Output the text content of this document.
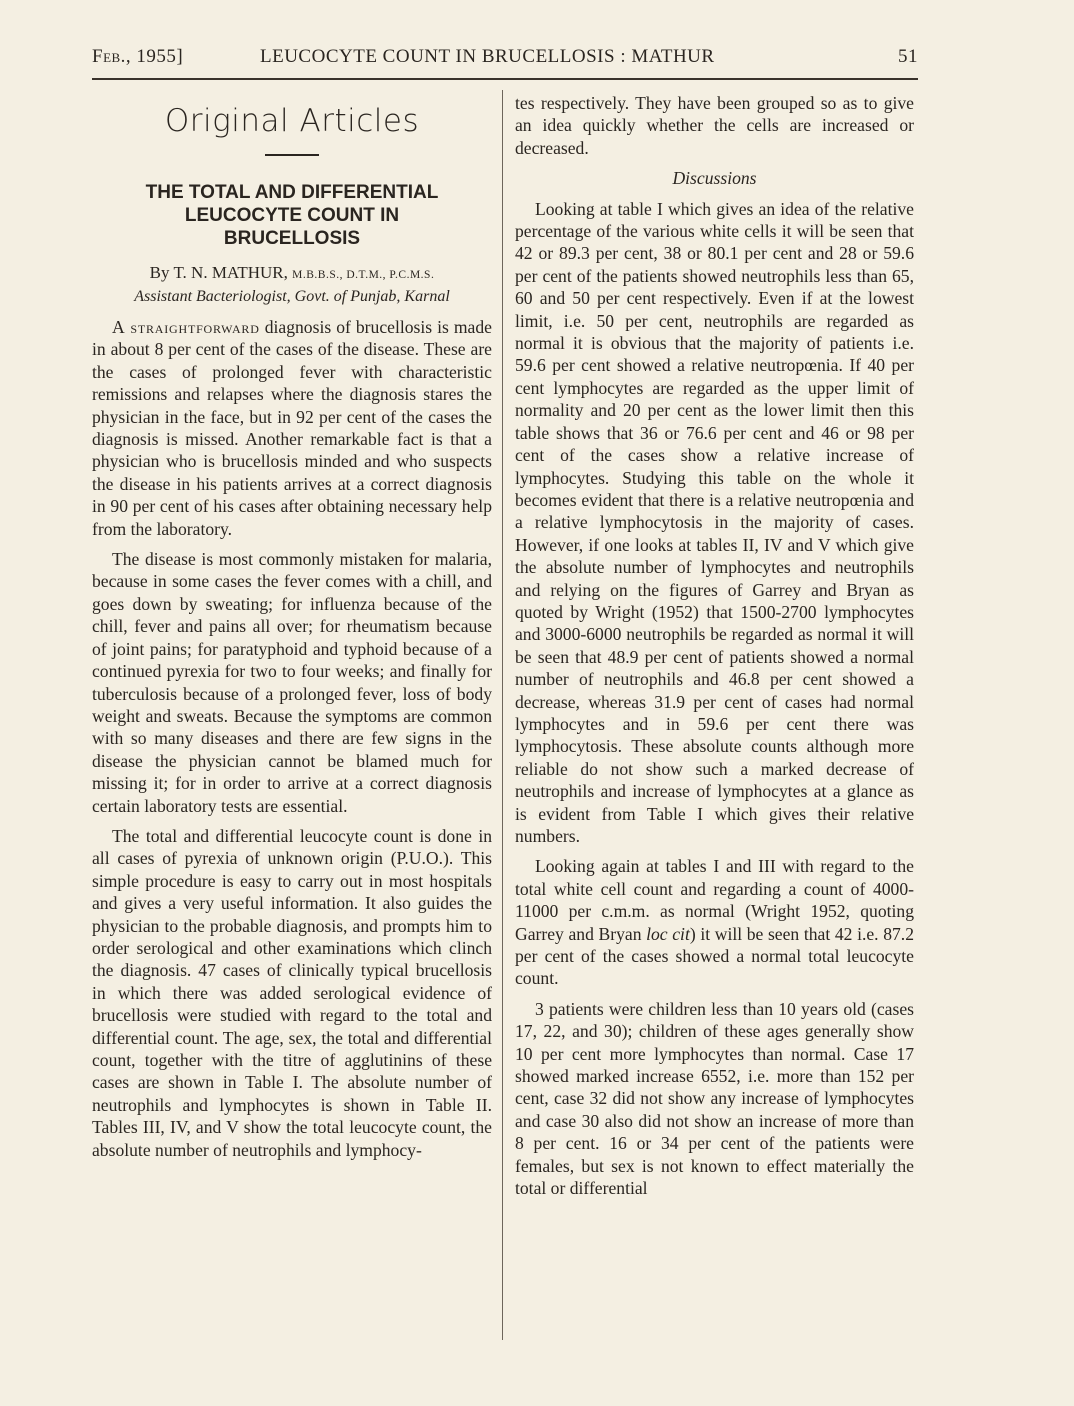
Feb., 1955]	LEUCOCYTE COUNT IN BRUCELLOSIS : MATHUR	51
Original Articles
THE TOTAL AND DIFFERENTIAL
LEUCOCYTE COUNT IN
BRUCELLOSIS
By T. N. MATHUR, M.B.B.S., D.T.M., P.C.M.S.
Assistant Bacteriologist, Govt. of Punjab, Karnal

A straightforward diagnosis of brucellosis is made in about 8 per cent of the cases of the disease. These are the cases of prolonged fever with characteristic remissions and relapses where the diagnosis stares the physician in the face, but in 92 per cent of the cases the diagnosis is missed. Another remarkable fact is that a physician who is brucellosis minded and who suspects the disease in his patients arrives at a correct diagnosis in 90 per cent of his cases after obtaining necessary help from the laboratory.

The disease is most commonly mistaken for malaria, because in some cases the fever comes with a chill, and goes down by sweating; for influenza because of the chill, fever and pains all over; for rheumatism because of joint pains; for paratyphoid and typhoid because of a continued pyrexia for two to four weeks; and finally for tuberculosis because of a prolonged fever, loss of body weight and sweats. Because the symptoms are common with so many diseases and there are few signs in the disease the physician cannot be blamed much for missing it; for in order to arrive at a correct diagnosis certain laboratory tests are essential.

The total and differential leucocyte count is done in all cases of pyrexia of unknown origin (P.U.O.). This simple procedure is easy to carry out in most hospitals and gives a very useful information. It also guides the physician to the probable diagnosis, and prompts him to order serological and other examinations which clinch the diagnosis. 47 cases of clinically typical brucellosis in which there was added serological evidence of brucellosis were studied with regard to the total and differential count. The age, sex, the total and differential count, together with the titre of agglutinins of these cases are shown in Table I. The absolute number of neutrophils and lymphocytes is shown in Table II. Tables III, IV, and V show the total leucocyte count, the absolute number of neutrophils and lymphocy-

tes respectively. They have been grouped so as to give an idea quickly whether the cells are increased or decreased.

Discussions

Looking at table I which gives an idea of the relative percentage of the various white cells it will be seen that 42 or 89.3 per cent, 38 or 80.1 per cent and 28 or 59.6 per cent of the patients showed neutrophils less than 65, 60 and 50 per cent respectively. Even if at the lowest limit, i.e. 50 per cent, neutrophils are regarded as normal it is obvious that the majority of patients i.e. 59.6 per cent showed a relative neutropœnia. If 40 per cent lymphocytes are regarded as the upper limit of normality and 20 per cent as the lower limit then this table shows that 36 or 76.6 per cent and 46 or 98 per cent of the cases show a relative increase of lymphocytes. Studying this table on the whole it becomes evident that there is a relative neutropœnia and a relative lymphocytosis in the majority of cases. However, if one looks at tables II, IV and V which give the absolute number of lymphocytes and neutrophils and relying on the figures of Garrey and Bryan as quoted by Wright (1952) that 1500-2700 lymphocytes and 3000-6000 neutrophils be regarded as normal it will be seen that 48.9 per cent of patients showed a normal number of neutrophils and 46.8 per cent showed a decrease, whereas 31.9 per cent of cases had normal lymphocytes and in 59.6 per cent there was lymphocytosis. These absolute counts although more reliable do not show such a marked decrease of neutrophils and increase of lymphocytes at a glance as is evident from Table I which gives their relative numbers.

Looking again at tables I and III with regard to the total white cell count and regarding a count of 4000-11000 per c.m.m. as normal (Wright 1952, quoting Garrey and Bryan loc cit) it will be seen that 42 i.e. 87.2 per cent of the cases showed a normal total leucocyte count.

3 patients were children less than 10 years old (cases 17, 22, and 30); children of these ages generally show 10 per cent more lymphocytes than normal. Case 17 showed marked increase 6552, i.e. more than 152 per cent, case 32 did not show any increase of lymphocytes and case 30 also did not show an increase of more than 8 per cent. 16 or 34 per cent of the patients were females, but sex is not known to effect materially the total or differential
